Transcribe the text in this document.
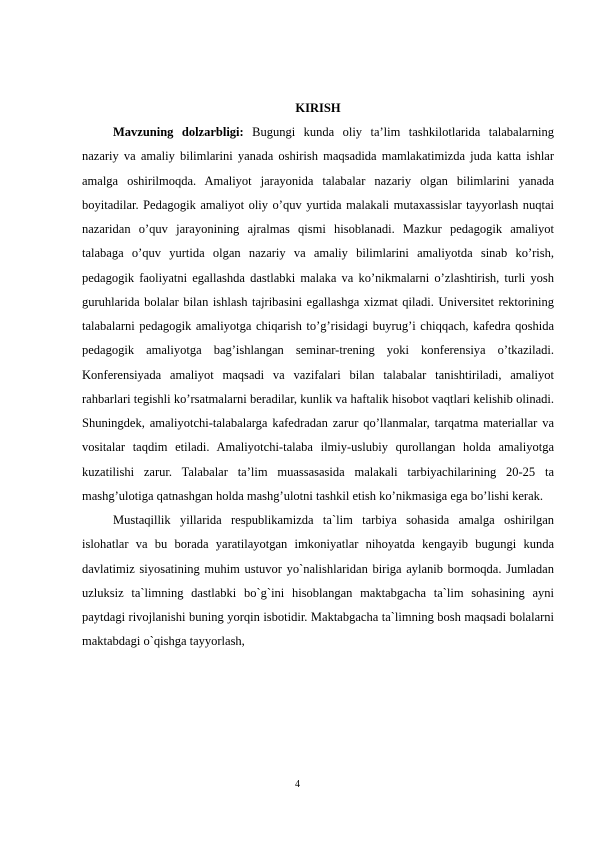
KIRISH

Mavzuning dolzarbligi: Bugungi kunda oliy ta’lim tashkilotlarida talabalarning nazariy va amaliy bilimlarini yanada oshirish maqsadida mamlakatimizda juda katta ishlar amalga oshirilmoqda. Amaliyot jarayonida talabalar nazariy olgan bilimlarini yanada boyitadilar. Pedagogik amaliyot oliy o’quv yurtida malakali mutaxassislar tayyorlash nuqtai nazaridan o’quv jarayonining ajralmas qismi hisoblanadi. Mazkur pedagogik amaliyot talabaga o’quv yurtida olgan nazariy va amaliy bilimlarini amaliyotda sinab ko’rish, pedagogik faoliyatni egallashda dastlabki malaka va ko’nikmalarni o’zlashtirish, turli yosh guruhlarida bolalar bilan ishlash tajribasini egallashga xizmat qiladi. Universitet rektorining talabalarni pedagogik amaliyotga chiqarish to’g’risidagi buyrug’i chiqqach, kafedra qoshida pedagogik amaliyotga bag’ishlangan seminar-trening yoki konferensiya o’tkaziladi. Konferensiyada amaliyot maqsadi va vazifalari bilan talabalar tanishtiriladi, amaliyot rahbarlari tegishli ko’rsatmalarni beradilar, kunlik va haftalik hisobot vaqtlari kelishib olinadi. Shuningdek, amaliyotchi-talabalarga kafedradan zarur qo’llanmalar, tarqatma materiallar va vositalar taqdim etiladi. Amaliyotchi-talaba ilmiy-uslubiy qurollangan holda amaliyotga kuzatilishi zarur. Talabalar ta’lim muassasasida malakali tarbiyachilarining 20-25 ta mashg’ulotiga qatnashgan holda mashg’ulotni tashkil etish ko’nikmasiga ega bo’lishi kerak.

Mustaqillik yillarida respublikamizda ta`lim tarbiya sohasida amalga oshirilgan islohatlar va bu borada yaratilayotgan imkoniyatlar nihoyatda kengayib bugungi kunda davlatimiz siyosatining muhim ustuvor yo`nalishlaridan biriga aylanib bormoqda. Jumladan uzluksiz ta`limning dastlabki bo`g`ini hisoblangan maktabgacha ta`lim sohasining ayni paytdagi rivojlanishi buning yorqin isbotidir. Maktabgacha ta`limning bosh maqsadi bolalarni maktabdagi o`qishga tayyorlash,

4
